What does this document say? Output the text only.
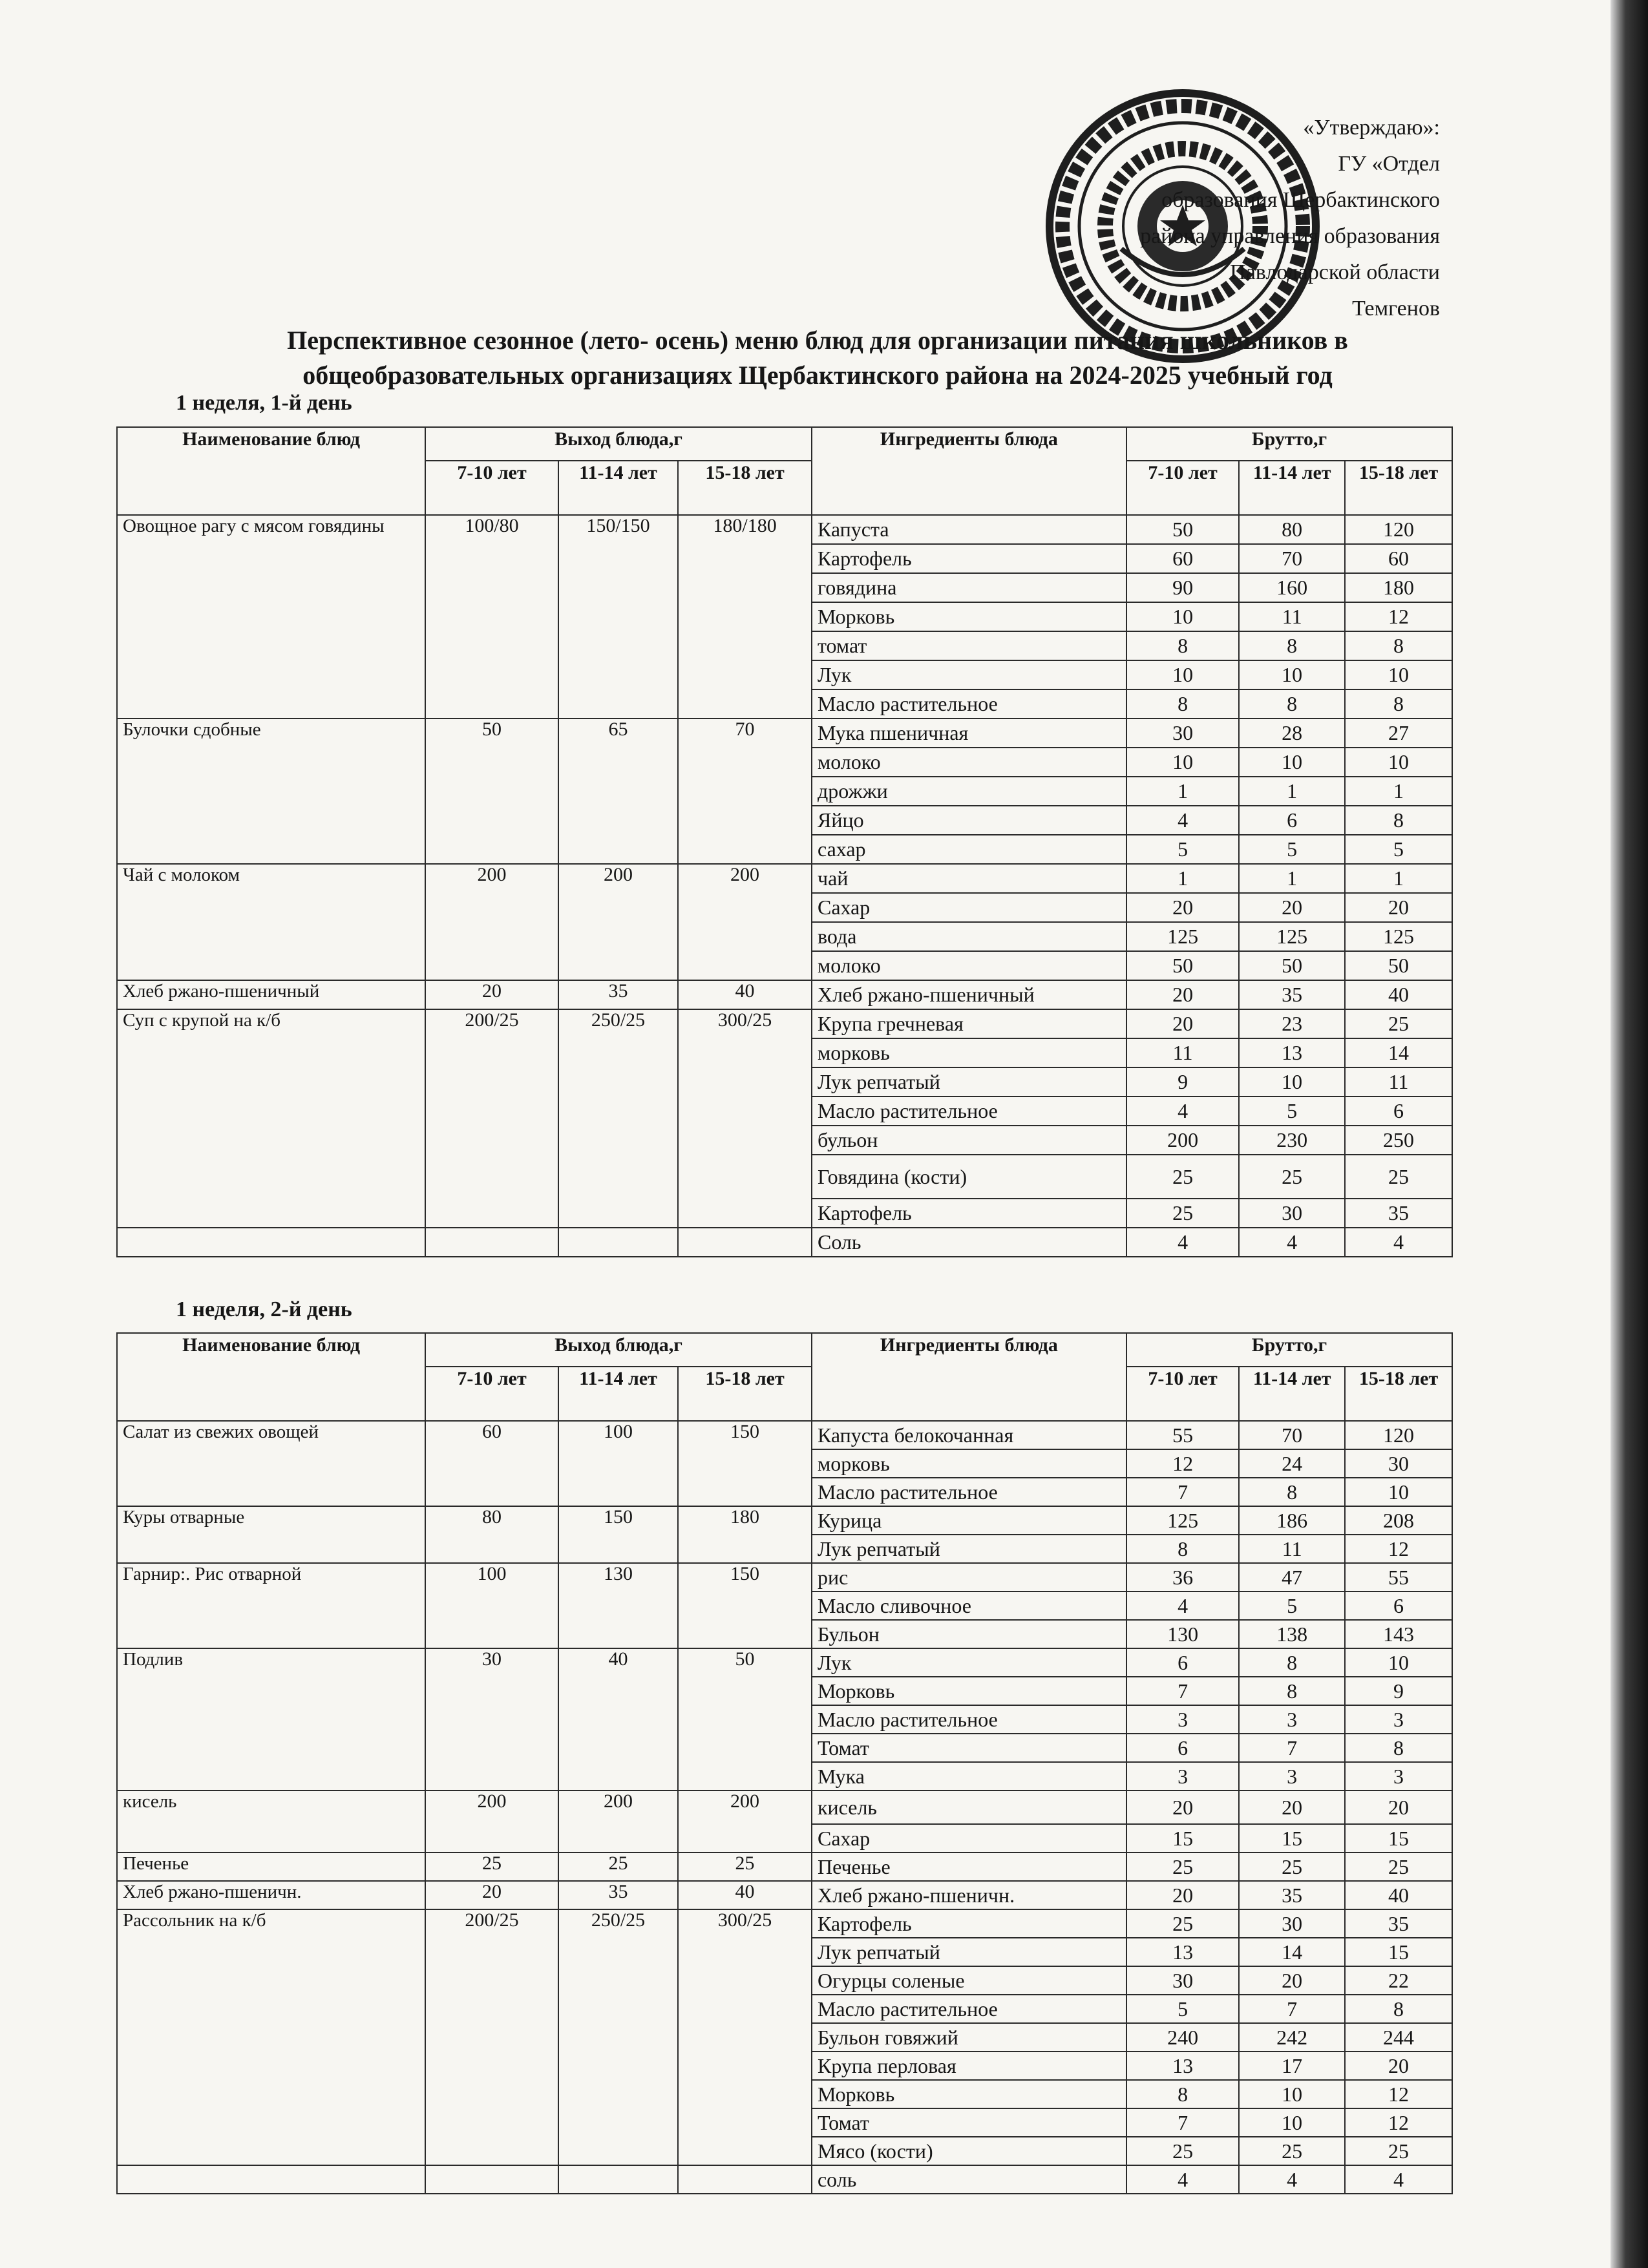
«Утверждаю»:
ГУ «Отдел
образования Щербактинского
района управления образования
Павлодарской области
Темгенов
Перспективное сезонное (лето- осень) меню блюд для организации питания школьников в
общеобразовательных организациях Щербактинского района на 2024-2025 учебный год
1 неделя, 1-й день
Наименование блюд	Выход блюда,г			Ингредиенты блюда	Брутто,г		
	7-10 лет	11-14 лет	15-18 лет		7-10 лет	11-14 лет	15-18 лет
Овощное рагу с мясом говядины	100/80	150/150	180/180	Капуста	50	80	120
				Картофель	60	70	60
				говядина	90	160	180
				Морковь	10	11	12
				томат	8	8	8
				Лук	10	10	10
				Масло растительное	8	8	8
Булочки сдобные	50	65	70	Мука пшеничная	30	28	27
				молоко	10	10	10
				дрожжи	1	1	1
				Яйцо	4	6	8
				сахар	5	5	5
Чай с молоком	200	200	200	чай	1	1	1
				Сахар	20	20	20
				вода	125	125	125
				молоко	50	50	50
Хлеб ржано-пшеничный	20	35	40	Хлеб ржано-пшеничный	20	35	40
Суп с крупой на к/б	200/25	250/25	300/25	Крупа гречневая	20	23	25
				морковь	11	13	14
				Лук репчатый	9	10	11
				Масло растительное	4	5	6
				бульон	200	230	250
				Говядина (кости)	25	25	25
				Картофель	25	30	35
				Соль	4	4	4
1 неделя, 2-й день
Наименование блюд	Выход блюда,г			Ингредиенты блюда	Брутто,г		
	7-10 лет	11-14 лет	15-18 лет		7-10 лет	11-14 лет	15-18 лет
Салат из свежих овощей	60	100	150	Капуста белокочанная	55	70	120
				морковь	12	24	30
				Масло растительное	7	8	10
Куры отварные	80	150	180	Курица	125	186	208
				Лук репчатый	8	11	12
Гарнир:. Рис отварной	100	130	150	рис	36	47	55
				Масло сливочное	4	5	6
				Бульон	130	138	143
Подлив	30	40	50	Лук	6	8	10
				Морковь	7	8	9
				Масло растительное	3	3	3
				Томат	6	7	8
				Мука	3	3	3
кисель	200	200	200	кисель	20	20	20
				Сахар	15	15	15
Печенье	25	25	25	Печенье	25	25	25
Хлеб ржано-пшеничн.	20	35	40	Хлеб ржано-пшеничн.	20	35	40
Рассольник на к/б	200/25	250/25	300/25	Картофель	25	30	35
				Лук репчатый	13	14	15
				Огурцы соленые	30	20	22
				Масло растительное	5	7	8
				Бульон говяжий	240	242	244
				Крупа перловая	13	17	20
				Морковь	8	10	12
				Томат	7	10	12
				Мясо (кости)	25	25	25
				соль	4	4	4
